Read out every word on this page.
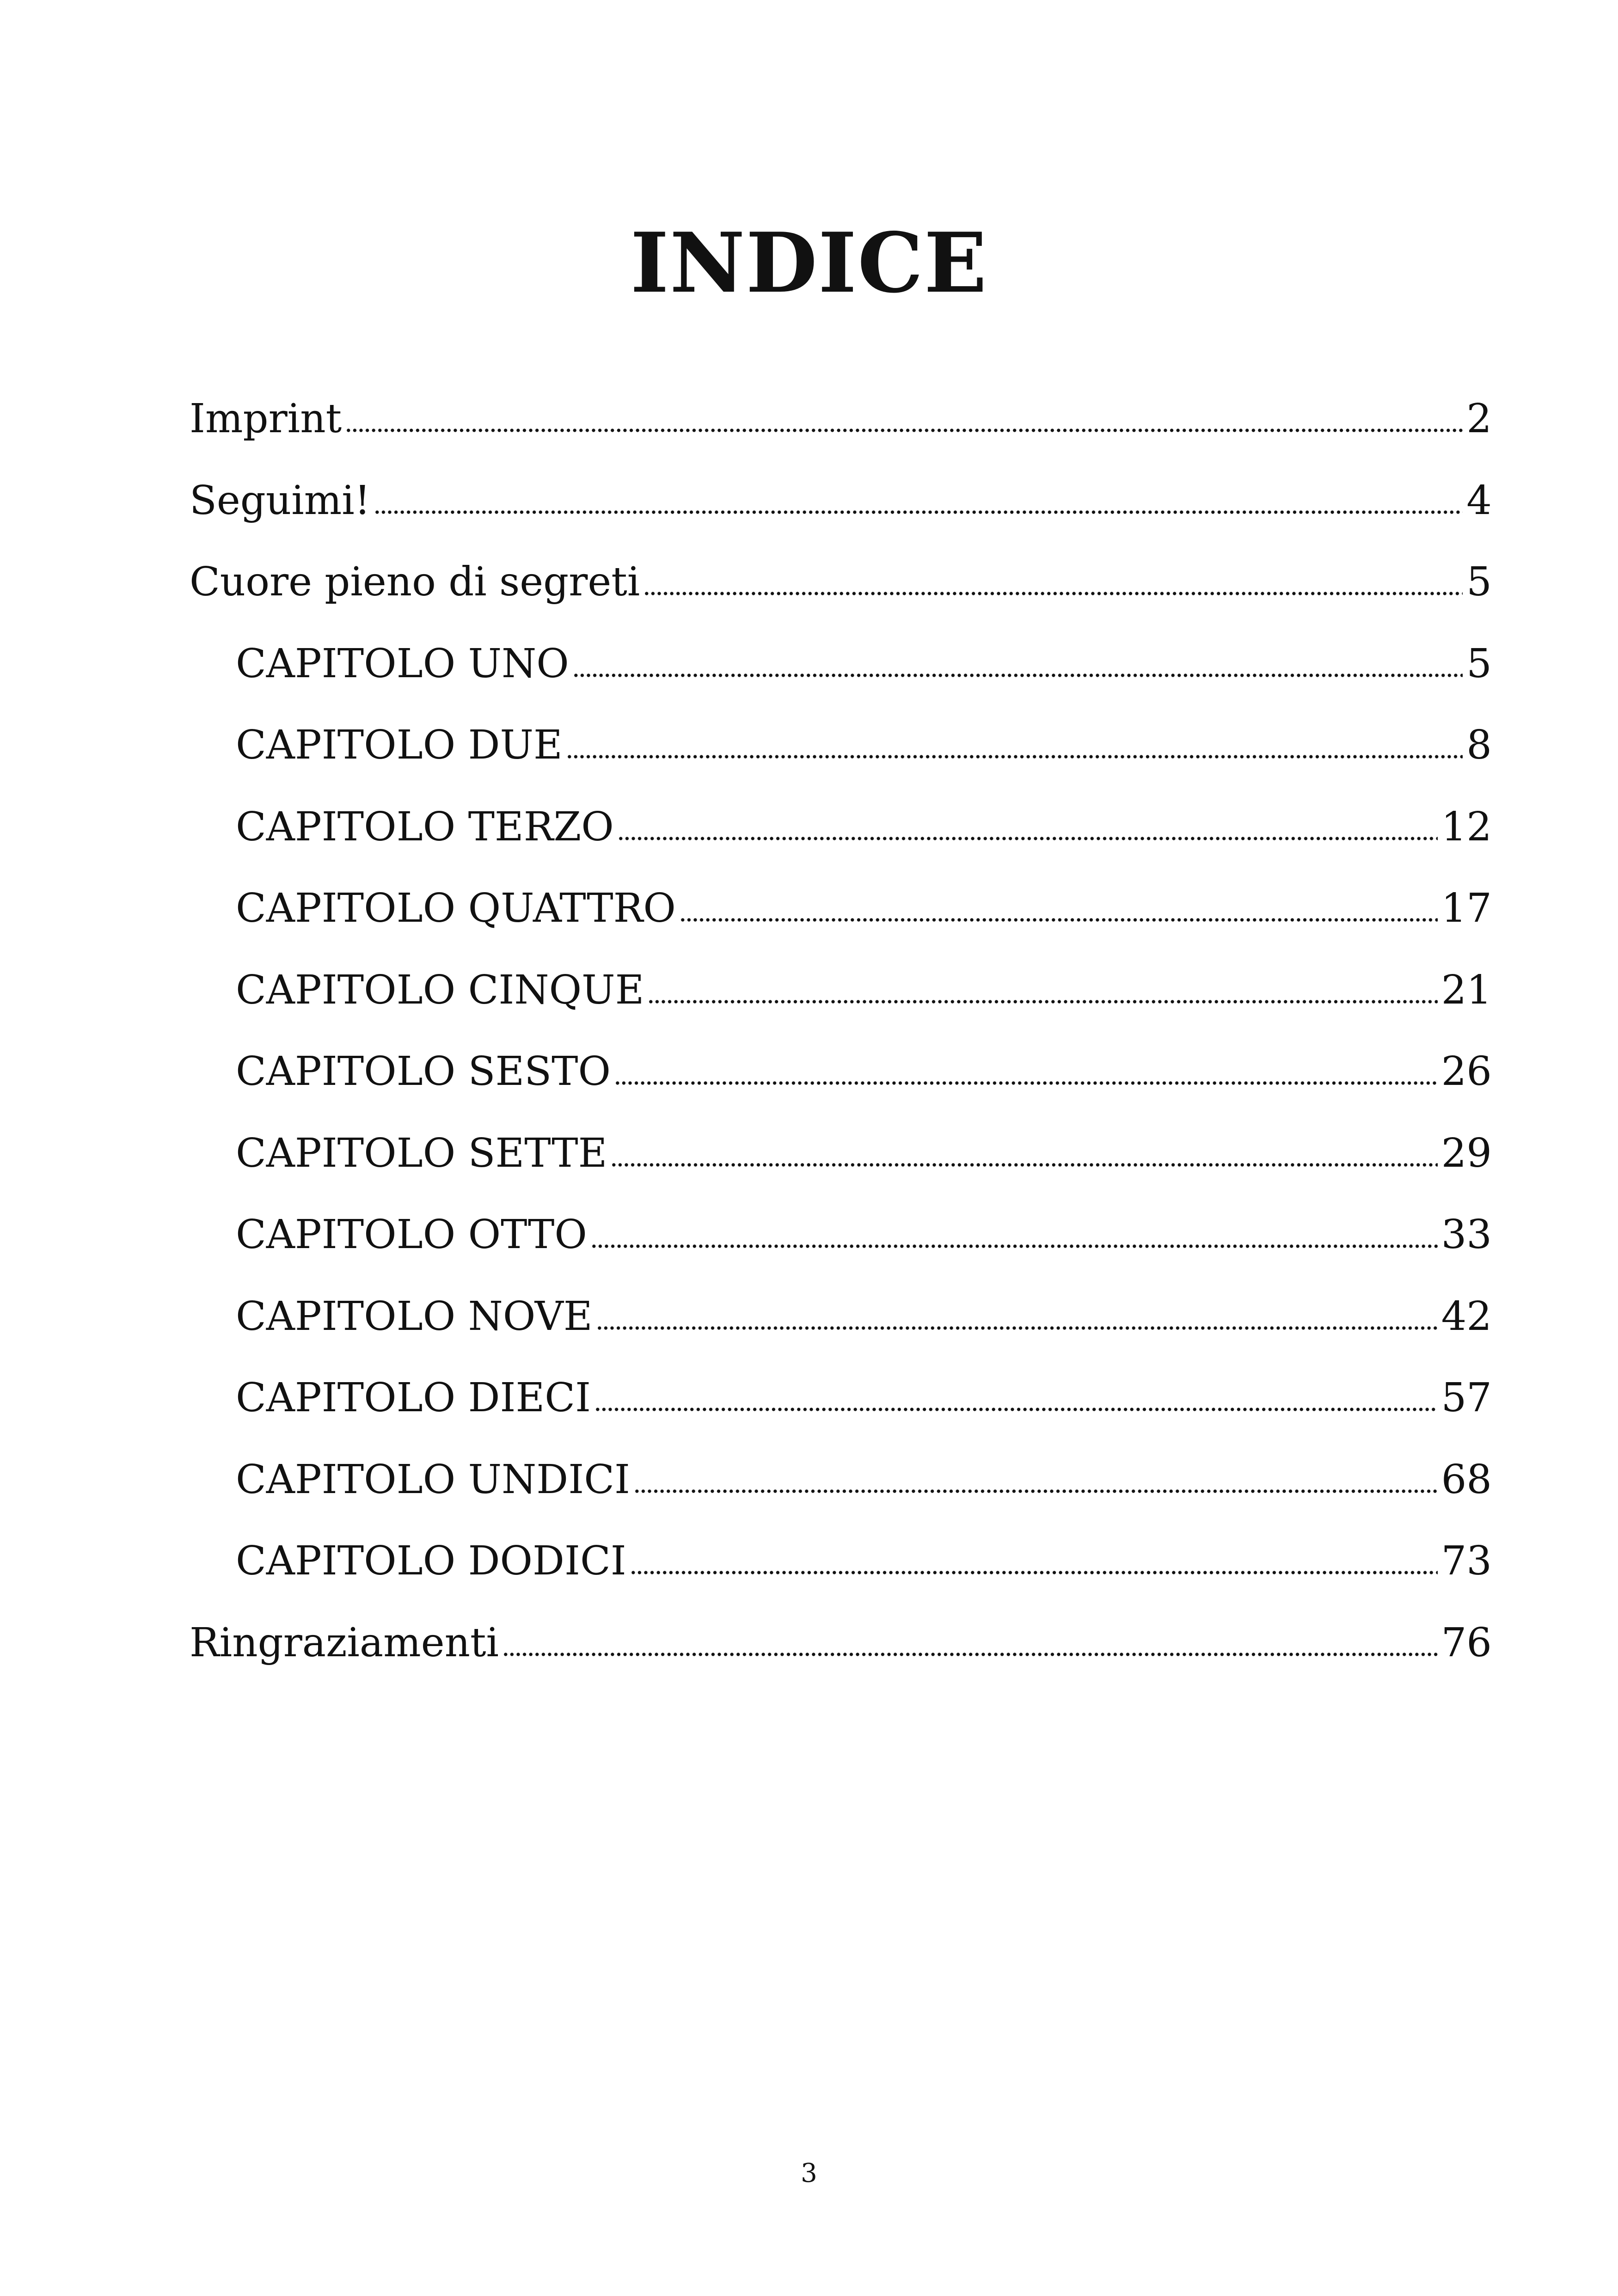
INDICE
Imprint	2
Seguimi!	4
Cuore pieno di segreti	5
CAPITOLO UNO	5
CAPITOLO DUE	8
CAPITOLO TERZO	12
CAPITOLO QUATTRO	17
CAPITOLO CINQUE	21
CAPITOLO SESTO	26
CAPITOLO SETTE	29
CAPITOLO OTTO	33
CAPITOLO NOVE	42
CAPITOLO DIECI	57
CAPITOLO UNDICI	68
CAPITOLO DODICI	73
Ringraziamenti	76
3
